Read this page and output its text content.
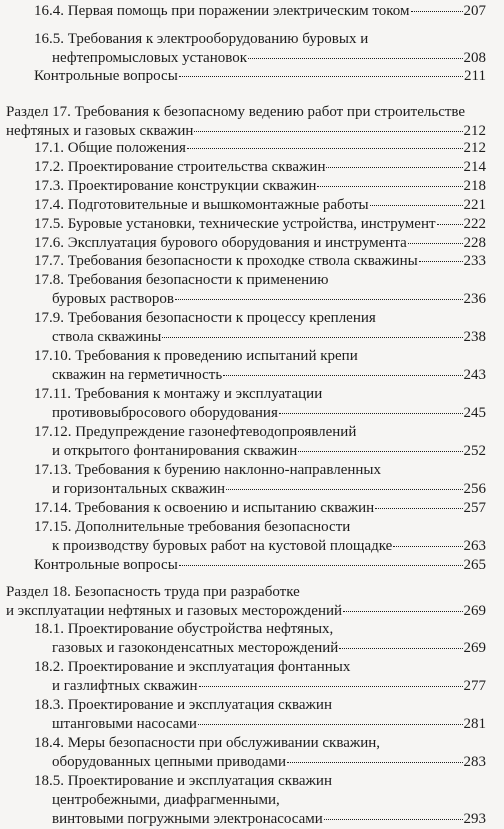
16.4. Первая помощь при поражении электрическим током	207
16.5. Требования к электрооборудованию буровых и
нефтепромысловых установок	208
Контрольные вопросы	211
Раздел 17. Требования к безопасному ведению работ при строительстве
нефтяных и газовых скважин	212
17.1. Общие положения	212
17.2. Проектирование строительства скважин	214
17.3. Проектирование конструкции скважин	218
17.4. Подготовительные и вышкомонтажные работы	221
17.5. Буровые установки, технические устройства, инструмент 222
17.6. Эксплуатация бурового оборудования и инструмента	228
17.7. Требования безопасности к проходке ствола скважины	233
17.8. Требования безопасности к применению
буровых растворов	236
17.9. Требования безопасности к процессу крепления
ствола скважины	238
17.10. Требования к проведению испытаний крепи
скважин на герметичность	243
17.11. Требования к монтажу и эксплуатации
противовыбросового оборудования	245
17.12. Предупреждение газонефтеводопроявлений
и открытого фонтанирования скважин	252
17.13. Требования к бурению наклонно-направленных
и горизонтальных скважин	256
17.14. Требования к освоению и испытанию скважин	257
17.15. Дополнительные требования безопасности
к производству буровых работ на кустовой площадке	263
Контрольные вопросы	265
Раздел 18. Безопасность труда при разработке
и эксплуатации нефтяных и газовых месторождений	269
18.1. Проектирование обустройства нефтяных,
газовых и газоконденсатных месторождений	269
18.2. Проектирование и эксплуатация фонтанных
и газлифтных скважин	277
18.3. Проектирование и эксплуатация скважин
штанговыми насосами	281
18.4. Меры безопасности при обслуживании скважин,
оборудованных цепными приводами	283
18.5. Проектирование и эксплуатация скважин
центробежными, диафрагменными,
винтовыми погружными электронасосами	293
